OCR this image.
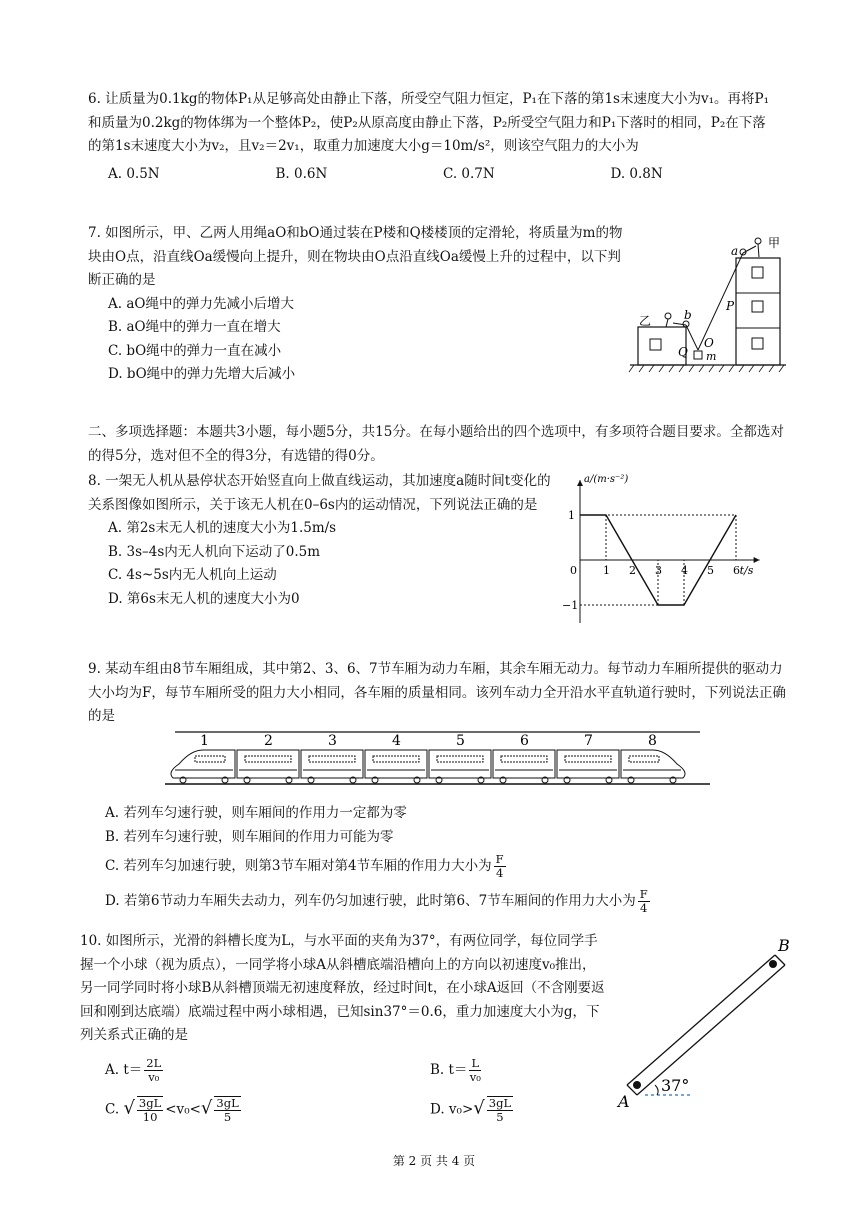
6. 让质量为0.1kg的物体P₁从足够高处由静止下落，所受空气阻力恒定，P₁在下落的第1s末速度大小为v₁。再将P₁和质量为0.2kg的物体绑为一个整体P₂，使P₂从原高度由静止下落，P₂所受空气阻力和P₁下落时的相同，P₂在下落的第1s末速度大小为v₂，且v₂＝2v₁，取重力加速度大小g＝10m/s²，则该空气阻力的大小为
A. 0.5N	B. 0.6N	C. 0.7N	D. 0.8N
7. 如图所示，甲、乙两人用绳aO和bO通过装在P楼和Q楼楼顶的定滑轮，将质量为m的物块由O点，沿直线Oa缓慢向上提升，则在物块由O点沿直线Oa缓慢上升的过程中，以下判断正确的是
A. aO绳中的弹力先减小后增大
B. aO绳中的弹力一直在增大
C. bO绳中的弹力一直在减小
D. bO绳中的弹力先增大后减小
甲
乙
a
b
O
P
Q m
二、多项选择题：本题共3小题，每小题5分，共15分。在每小题给出的四个选项中，有多项符合题目要求。全都选对的得5分，选对但不全的得3分，有选错的得0分。
8. 一架无人机从悬停状态开始竖直向上做直线运动，其加速度a随时间t变化的关系图像如图所示，关于该无人机在0–6s内的运动情况，下列说法正确的是
A. 第2s末无人机的速度大小为1.5m/s
B. 3s–4s内无人机向下运动了0.5m
C. 4s~5s内无人机向上运动
D. 第6s末无人机的速度大小为0
t/s
a/(m·s⁻²)
0 1 2 3 4 5 6
1
−1
9. 某动车组由8节车厢组成，其中第2、3、6、7节车厢为动力车厢，其余车厢无动力。每节动力车厢所提供的驱动力大小均为F，每节车厢所受的阻力大小相同，各车厢的质量相同。该列车动力全开沿水平直轨道行驶时，下列说法正确的是
1	2	3	4	5	6	7	8
A. 若列车匀速行驶，则车厢间的作用力一定都为零
B. 若列车匀速行驶，则车厢间的作用力可能为零
C. 若列车匀加速行驶，则第3节车厢对第4节车厢的作用力大小为 $\frac{F}{4}$
D. 若第6节动力车厢失去动力，列车仍匀加速行驶，此时第6、7节车厢间的作用力大小为 $\frac{F}{4}$
10. 如图所示，光滑的斜槽长度为L，与水平面的夹角为37°，有两位同学，每位同学手握一个小球（视为质点），一同学将小球A从斜槽底端沿槽向上的方向以初速度v₀推出，另一同学同时将小球B从斜槽顶端无初速度释放，经过时间t，在小球A返回（不含刚要返回和刚到达底端）底端过程中两小球相遇，已知sin37°＝0.6，重力加速度大小为g，下列关系式正确的是
A. $t= \frac{2L}{\text{v₀}}$	B. $t= \frac{L}{\text{v₀}}$
C. √ $\frac{3gL}{10} <v_0<√ \frac{3gL}{5}$	D. $v_0>√ \frac{3gL}{5}$	A
B
37°
第 2 页 共 4 页
